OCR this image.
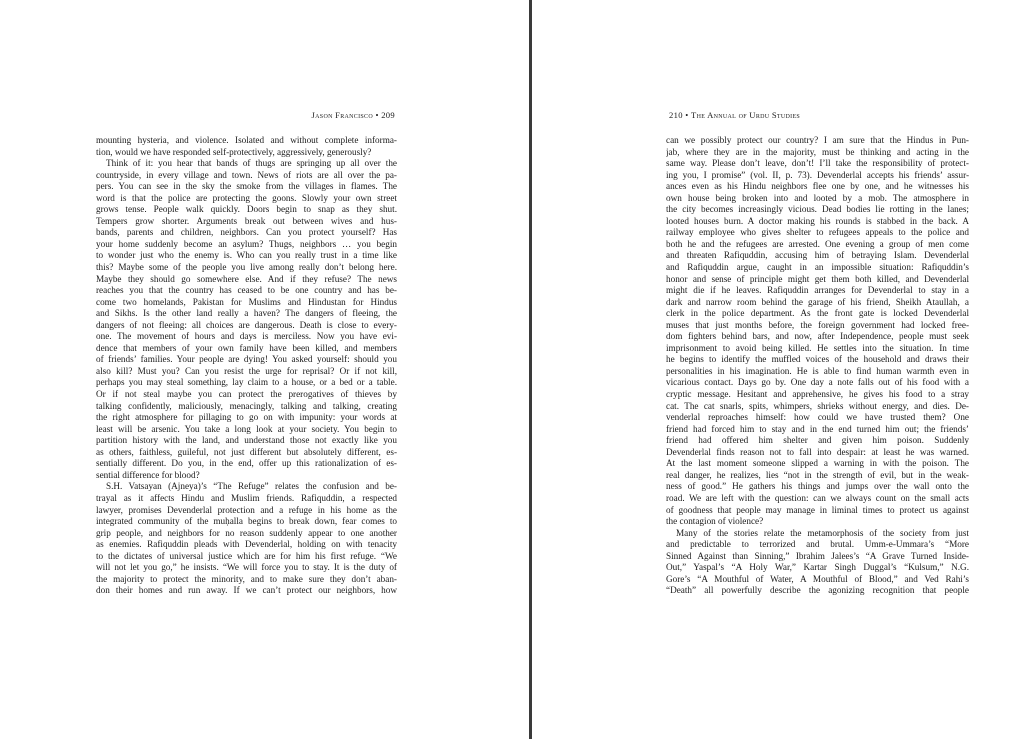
Jason Francisco • 209
mounting hysteria, and violence. Isolated and without complete informa-
tion, would we have responded self-protectively, aggressively, generously?
Think of it: you hear that bands of thugs are springing up all over the
countryside, in every village and town. News of riots are all over the pa-
pers. You can see in the sky the smoke from the villages in flames. The
word is that the police are protecting the goons. Slowly your own street
grows tense. People walk quickly. Doors begin to snap as they shut.
Tempers grow shorter. Arguments break out between wives and hus-
bands, parents and children, neighbors. Can you protect yourself? Has
your home suddenly become an asylum? Thugs, neighbors … you begin
to wonder just who the enemy is. Who can you really trust in a time like
this? Maybe some of the people you live among really don’t belong here.
Maybe they should go somewhere else. And if they refuse? The news
reaches you that the country has ceased to be one country and has be-
come two homelands, Pakistan for Muslims and Hindustan for Hindus
and Sikhs. Is the other land really a haven? The dangers of fleeing, the
dangers of not fleeing: all choices are dangerous. Death is close to every-
one. The movement of hours and days is merciless. Now you have evi-
dence that members of your own family have been killed, and members
of friends’ families. Your people are dying! You asked yourself: should you
also kill? Must you? Can you resist the urge for reprisal? Or if not kill,
perhaps you may steal something, lay claim to a house, or a bed or a table.
Or if not steal maybe you can protect the prerogatives of thieves by
talking confidently, maliciously, menacingly, talking and talking, creating
the right atmosphere for pillaging to go on with impunity: your words at
least will be arsenic. You take a long look at your society. You begin to
partition history with the land, and understand those not exactly like you
as others, faithless, guileful, not just different but absolutely different, es-
sentially different. Do you, in the end, offer up this rationalization of es-
sential difference for blood?
S.H. Vatsayan (Ajneya)’s “The Refuge” relates the confusion and be-
trayal as it affects Hindu and Muslim friends. Rafiquddin, a respected
lawyer, promises Devenderlal protection and a refuge in his home as the
integrated community of the muḥalla begins to break down, fear comes to
grip people, and neighbors for no reason suddenly appear to one another
as enemies. Rafiquddin pleads with Devenderlal, holding on with tenacity
to the dictates of universal justice which are for him his first refuge. “We
will not let you go,” he insists. “We will force you to stay. It is the duty of
the majority to protect the minority, and to make sure they don’t aban-
don their homes and run away. If we can’t protect our neighbors, how
210 • The Annual of Urdu Studies
can we possibly protect our country? I am sure that the Hindus in Pun-
jab, where they are in the majority, must be thinking and acting in the
same way. Please don’t leave, don’t! I’ll take the responsibility of protect-
ing you, I promise” (vol. II, p. 73). Devenderlal accepts his friends’ assur-
ances even as his Hindu neighbors flee one by one, and he witnesses his
own house being broken into and looted by a mob. The atmosphere in
the city becomes increasingly vicious. Dead bodies lie rotting in the lanes;
looted houses burn. A doctor making his rounds is stabbed in the back. A
railway employee who gives shelter to refugees appeals to the police and
both he and the refugees are arrested. One evening a group of men come
and threaten Rafiquddin, accusing him of betraying Islam. Devenderlal
and Rafiquddin argue, caught in an impossible situation: Rafiquddin’s
honor and sense of principle might get them both killed, and Devenderlal
might die if he leaves. Rafiquddin arranges for Devenderlal to stay in a
dark and narrow room behind the garage of his friend, Sheikh Ataullah, a
clerk in the police department. As the front gate is locked Devenderlal
muses that just months before, the foreign government had locked free-
dom fighters behind bars, and now, after Independence, people must seek
imprisonment to avoid being killed. He settles into the situation. In time
he begins to identify the muffled voices of the household and draws their
personalities in his imagination. He is able to find human warmth even in
vicarious contact. Days go by. One day a note falls out of his food with a
cryptic message. Hesitant and apprehensive, he gives his food to a stray
cat. The cat snarls, spits, whimpers, shrieks without energy, and dies. De-
venderlal reproaches himself: how could we have trusted them? One
friend had forced him to stay and in the end turned him out; the friends’
friend had offered him shelter and given him poison. Suddenly
Devenderlal finds reason not to fall into despair: at least he was warned.
At the last moment someone slipped a warning in with the poison. The
real danger, he realizes, lies “not in the strength of evil, but in the weak-
ness of good.” He gathers his things and jumps over the wall onto the
road. We are left with the question: can we always count on the small acts
of goodness that people may manage in liminal times to protect us against
the contagion of violence?
Many of the stories relate the metamorphosis of the society from just
and predictable to terrorized and brutal. Umm-e-Ummara’s “More
Sinned Against than Sinning,” Ibrahim Jalees’s “A Grave Turned Inside-
Out,” Yaspal’s “A Holy War,” Kartar Singh Duggal’s “Kulsum,” N.G.
Gore’s “A Mouthful of Water, A Mouthful of Blood,” and Ved Rahi’s
“Death” all powerfully describe the agonizing recognition that people
